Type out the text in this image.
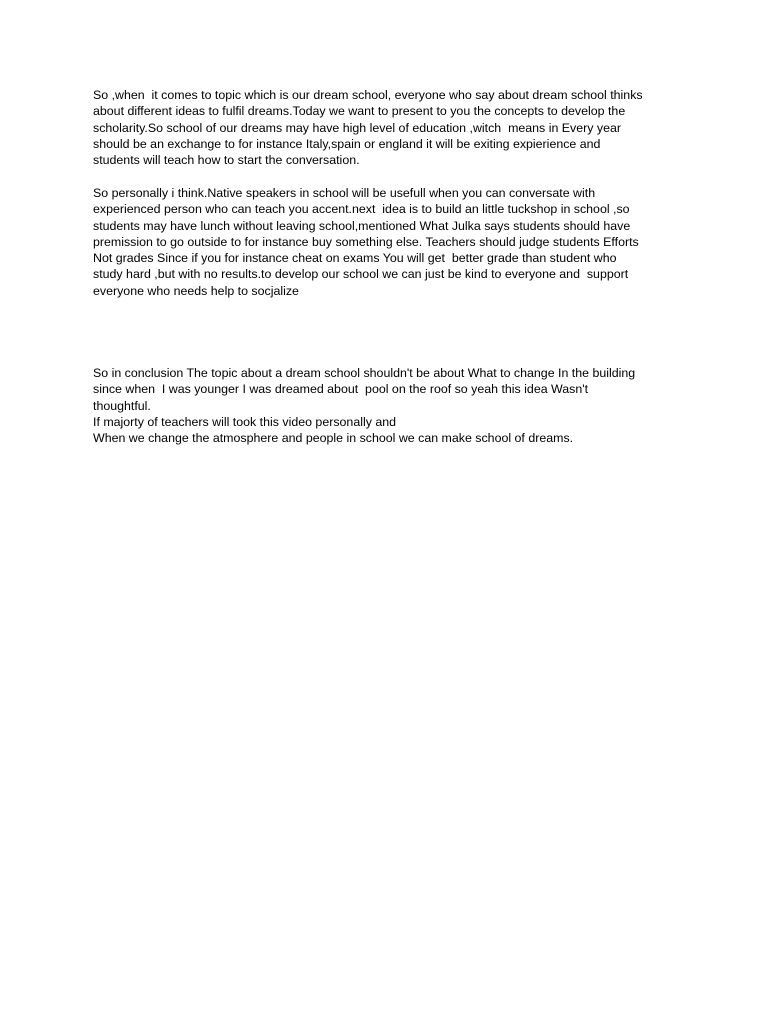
So ,when  it comes to topic which is our dream school, everyone who say about dream school thinks
about different ideas to fulfil dreams.Today we want to present to you the concepts to develop the
scholarity.So school of our dreams may have high level of education ,witch  means in Every year
should be an exchange to for instance Italy,spain or england it will be exiting expierience and
students will teach how to start the conversation.
So personally i think.Native speakers in school will be usefull when you can conversate with
experienced person who can teach you accent.next  idea is to build an little tuckshop in school ,so
students may have lunch without leaving school,mentioned What Julka says students should have
premission to go outside to for instance buy something else. Teachers should judge students Efforts
Not grades Since if you for instance cheat on exams You will get  better grade than student who
study hard ,but with no results.to develop our school we can just be kind to everyone and  support
everyone who needs help to socjalize
So in conclusion The topic about a dream school shouldn't be about What to change In the building
since when  I was younger I was dreamed about  pool on the roof so yeah this idea Wasn't
thoughtful.
If majorty of teachers will took this video personally and
When we change the atmosphere and people in school we can make school of dreams.
